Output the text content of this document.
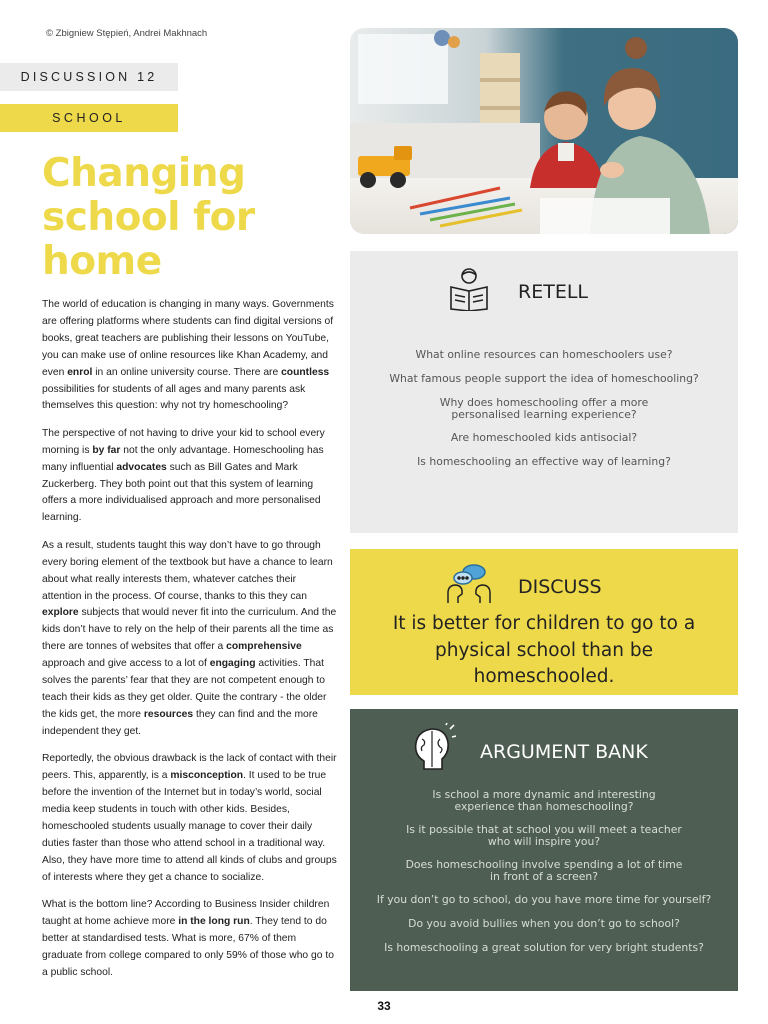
© Zbigniew Stępień, Andrei Makhnach
DISCUSSION 12
SCHOOL
Changing school for home

The world of education is changing in many ways. Governments are offering platforms where students can find digital versions of books, great teachers are publishing their lessons on YouTube, you can make use of online resources like Khan Academy, and even enrol in an online university course. There are countless possibilities for students of all ages and many parents ask themselves this question: why not try homeschooling?

The perspective of not having to drive your kid to school every morning is by far not the only advantage. Homeschooling has many influential advocates such as Bill Gates and Mark Zuckerberg. They both point out that this system of learning offers a more individualised approach and more personalised learning.

As a result, students taught this way don’t have to go through every boring element of the textbook but have a chance to learn about what really interests them, whatever catches their attention in the process. Of course, thanks to this they can explore subjects that would never fit into the curriculum. And the kids don’t have to rely on the help of their parents all the time as there are tonnes of websites that offer a comprehensive approach and give access to a lot of engaging activities. That solves the parents’ fear that they are not competent enough to teach their kids as they get older. Quite the contrary - the older the kids get, the more resources they can find and the more independent they get.

Reportedly, the obvious drawback is the lack of contact with their peers. This, apparently, is a misconception. It used to be true before the invention of the Internet but in today’s world, social media keep students in touch with other kids. Besides, homeschooled students usually manage to cover their daily duties faster than those who attend school in a traditional way. Also, they have more time to attend all kinds of clubs and groups of interests where they get a chance to socialize.

What is the bottom line? According to Business Insider children taught at home achieve more in the long run. They tend to do better at standardised tests. What is more, 67% of them graduate from college compared to only 59% of those who go to a public school.

RETELL
What online resources can homeschoolers use?
What famous people support the idea of homeschooling?
Why does homeschooling offer a more
personalised learning experience?
Are homeschooled kids antisocial?
Is homeschooling an effective way of learning?
DISCUSS
It is better for children to go to a physical school than be homeschooled.
ARGUMENT BANK
Is school a more dynamic and interesting
experience than homeschooling?
Is it possible that at school you will meet a teacher
who will inspire you?
Does homeschooling involve spending a lot of time
in front of a screen?
If you don’t go to school, do you have more time for yourself?
Do you avoid bullies when you don’t go to school?
Is homeschooling a great solution for very bright students?
33
